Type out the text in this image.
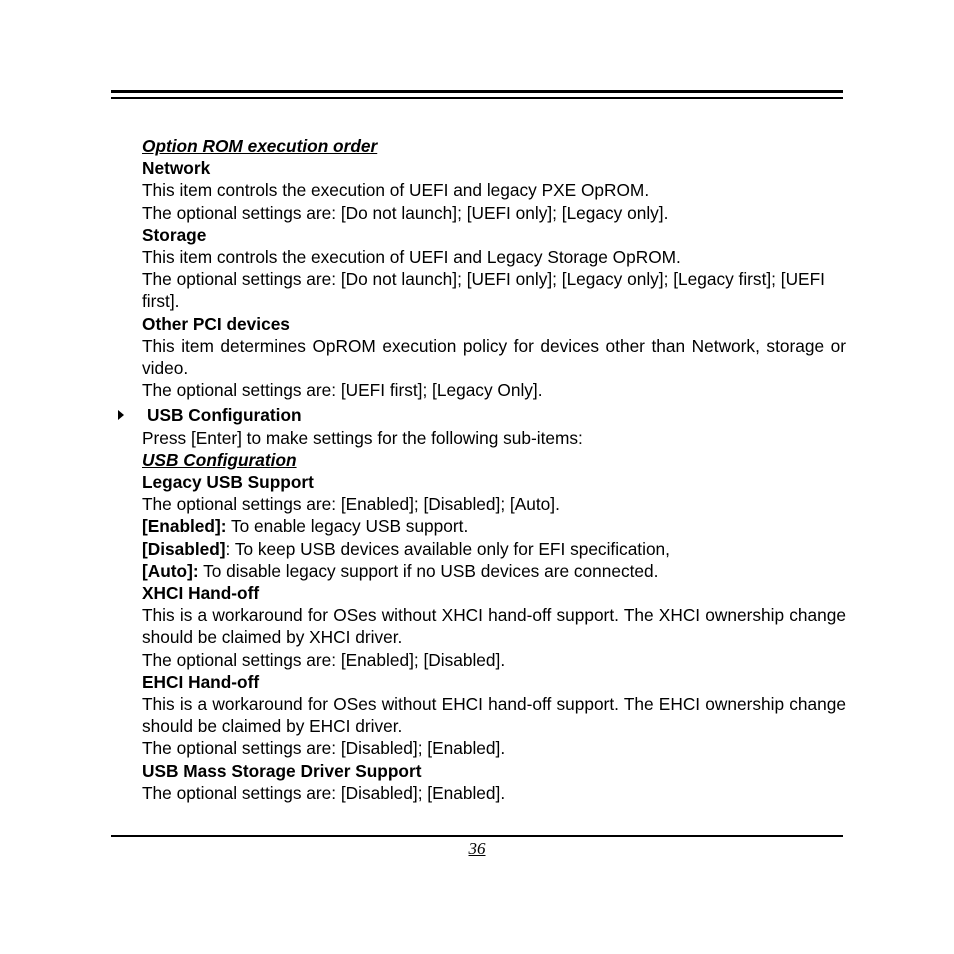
Option ROM execution order

Network

This item controls the execution of UEFI and legacy PXE OpROM.

The optional settings are: [Do not launch]; [UEFI only]; [Legacy only].

Storage

This item controls the execution of UEFI and Legacy Storage OpROM.

The optional settings are: [Do not launch]; [UEFI only]; [Legacy only]; [Legacy first]; [UEFI first].

Other PCI devices

This item determines OpROM execution policy for devices other than Network, storage or video.

The optional settings are: [UEFI first]; [Legacy Only].

USB Configuration

Press [Enter] to make settings for the following sub-items:

USB Configuration

Legacy USB Support

The optional settings are: [Enabled]; [Disabled]; [Auto].

[Enabled]: To enable legacy USB support.

[Disabled]: To keep USB devices available only for EFI specification,

[Auto]: To disable legacy support if no USB devices are connected.

XHCI Hand-off

This is a workaround for OSes without XHCI hand-off support. The XHCI ownership change should be claimed by XHCI driver.

The optional settings are: [Enabled]; [Disabled].

EHCI Hand-off

This is a workaround for OSes without EHCI hand-off support. The EHCI ownership change should be claimed by EHCI driver.

The optional settings are: [Disabled]; [Enabled].

USB Mass Storage Driver Support

The optional settings are: [Disabled]; [Enabled].

36
